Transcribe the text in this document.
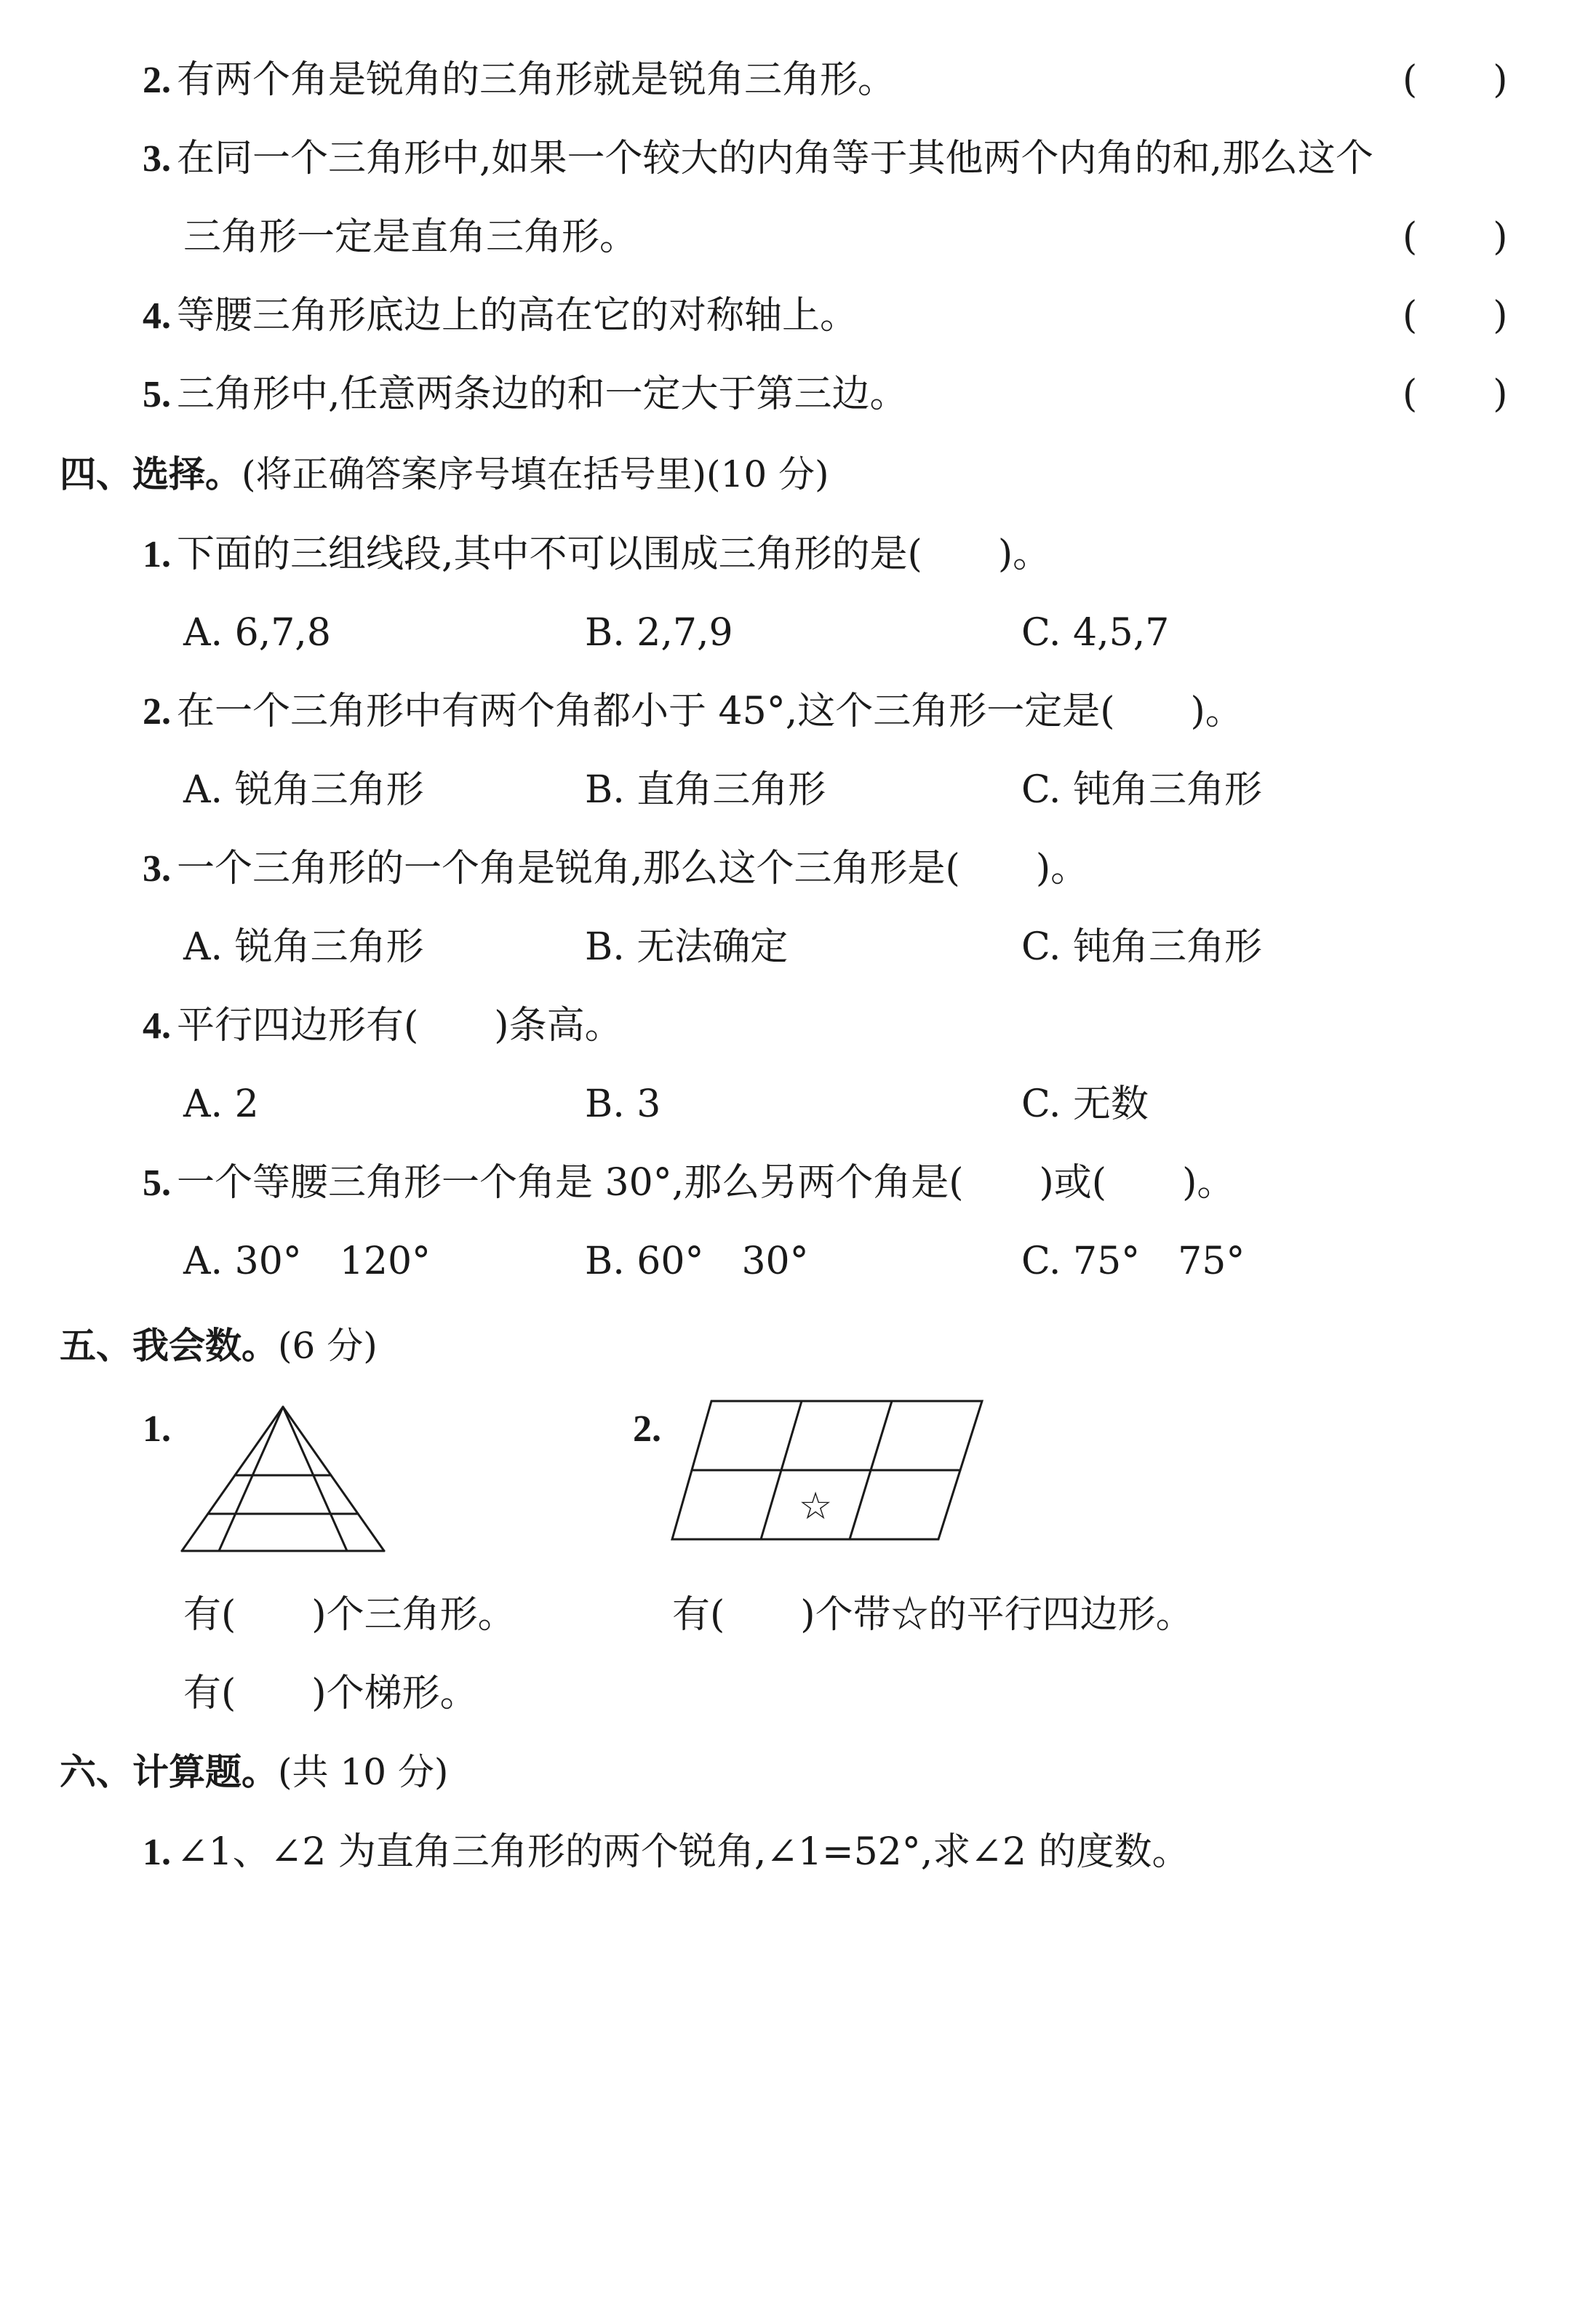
2. 有两个角是锐角的三角形就是锐角三角形。	(　　)
3. 在同一个三角形中,如果一个较大的内角等于其他两个内角的和,那么这个
三角形一定是直角三角形。	(　　)
4. 等腰三角形底边上的高在它的对称轴上。	(　　)
5. 三角形中,任意两条边的和一定大于第三边。	(　　)
四、选择。(将正确答案序号填在括号里)(10 分)
1. 下面的三组线段,其中不可以围成三角形的是(　　)。
A. 6,7,8	B. 2,7,9	C. 4,5,7
2. 在一个三角形中有两个角都小于 45°,这个三角形一定是(　　)。
A. 锐角三角形	B. 直角三角形	C. 钝角三角形
3. 一个三角形的一个角是锐角,那么这个三角形是(　　)。
A. 锐角三角形	B. 无法确定	C. 钝角三角形
4. 平行四边形有(　　)条高。
A. 2	B. 3	C. 无数
5. 一个等腰三角形一个角是 30°,那么另两个角是(　　)或(　　)。
A. 30°　120°	B. 60°　30°	C. 75°　75°
五、我会数。(6 分)
1.	2.
☆
有(　　)个三角形。	有(　　)个带☆的平行四边形。
有(　　)个梯形。
六、计算题。(共 10 分)
1. ∠1、∠2 为直角三角形的两个锐角,∠1=52°,求∠2 的度数。
